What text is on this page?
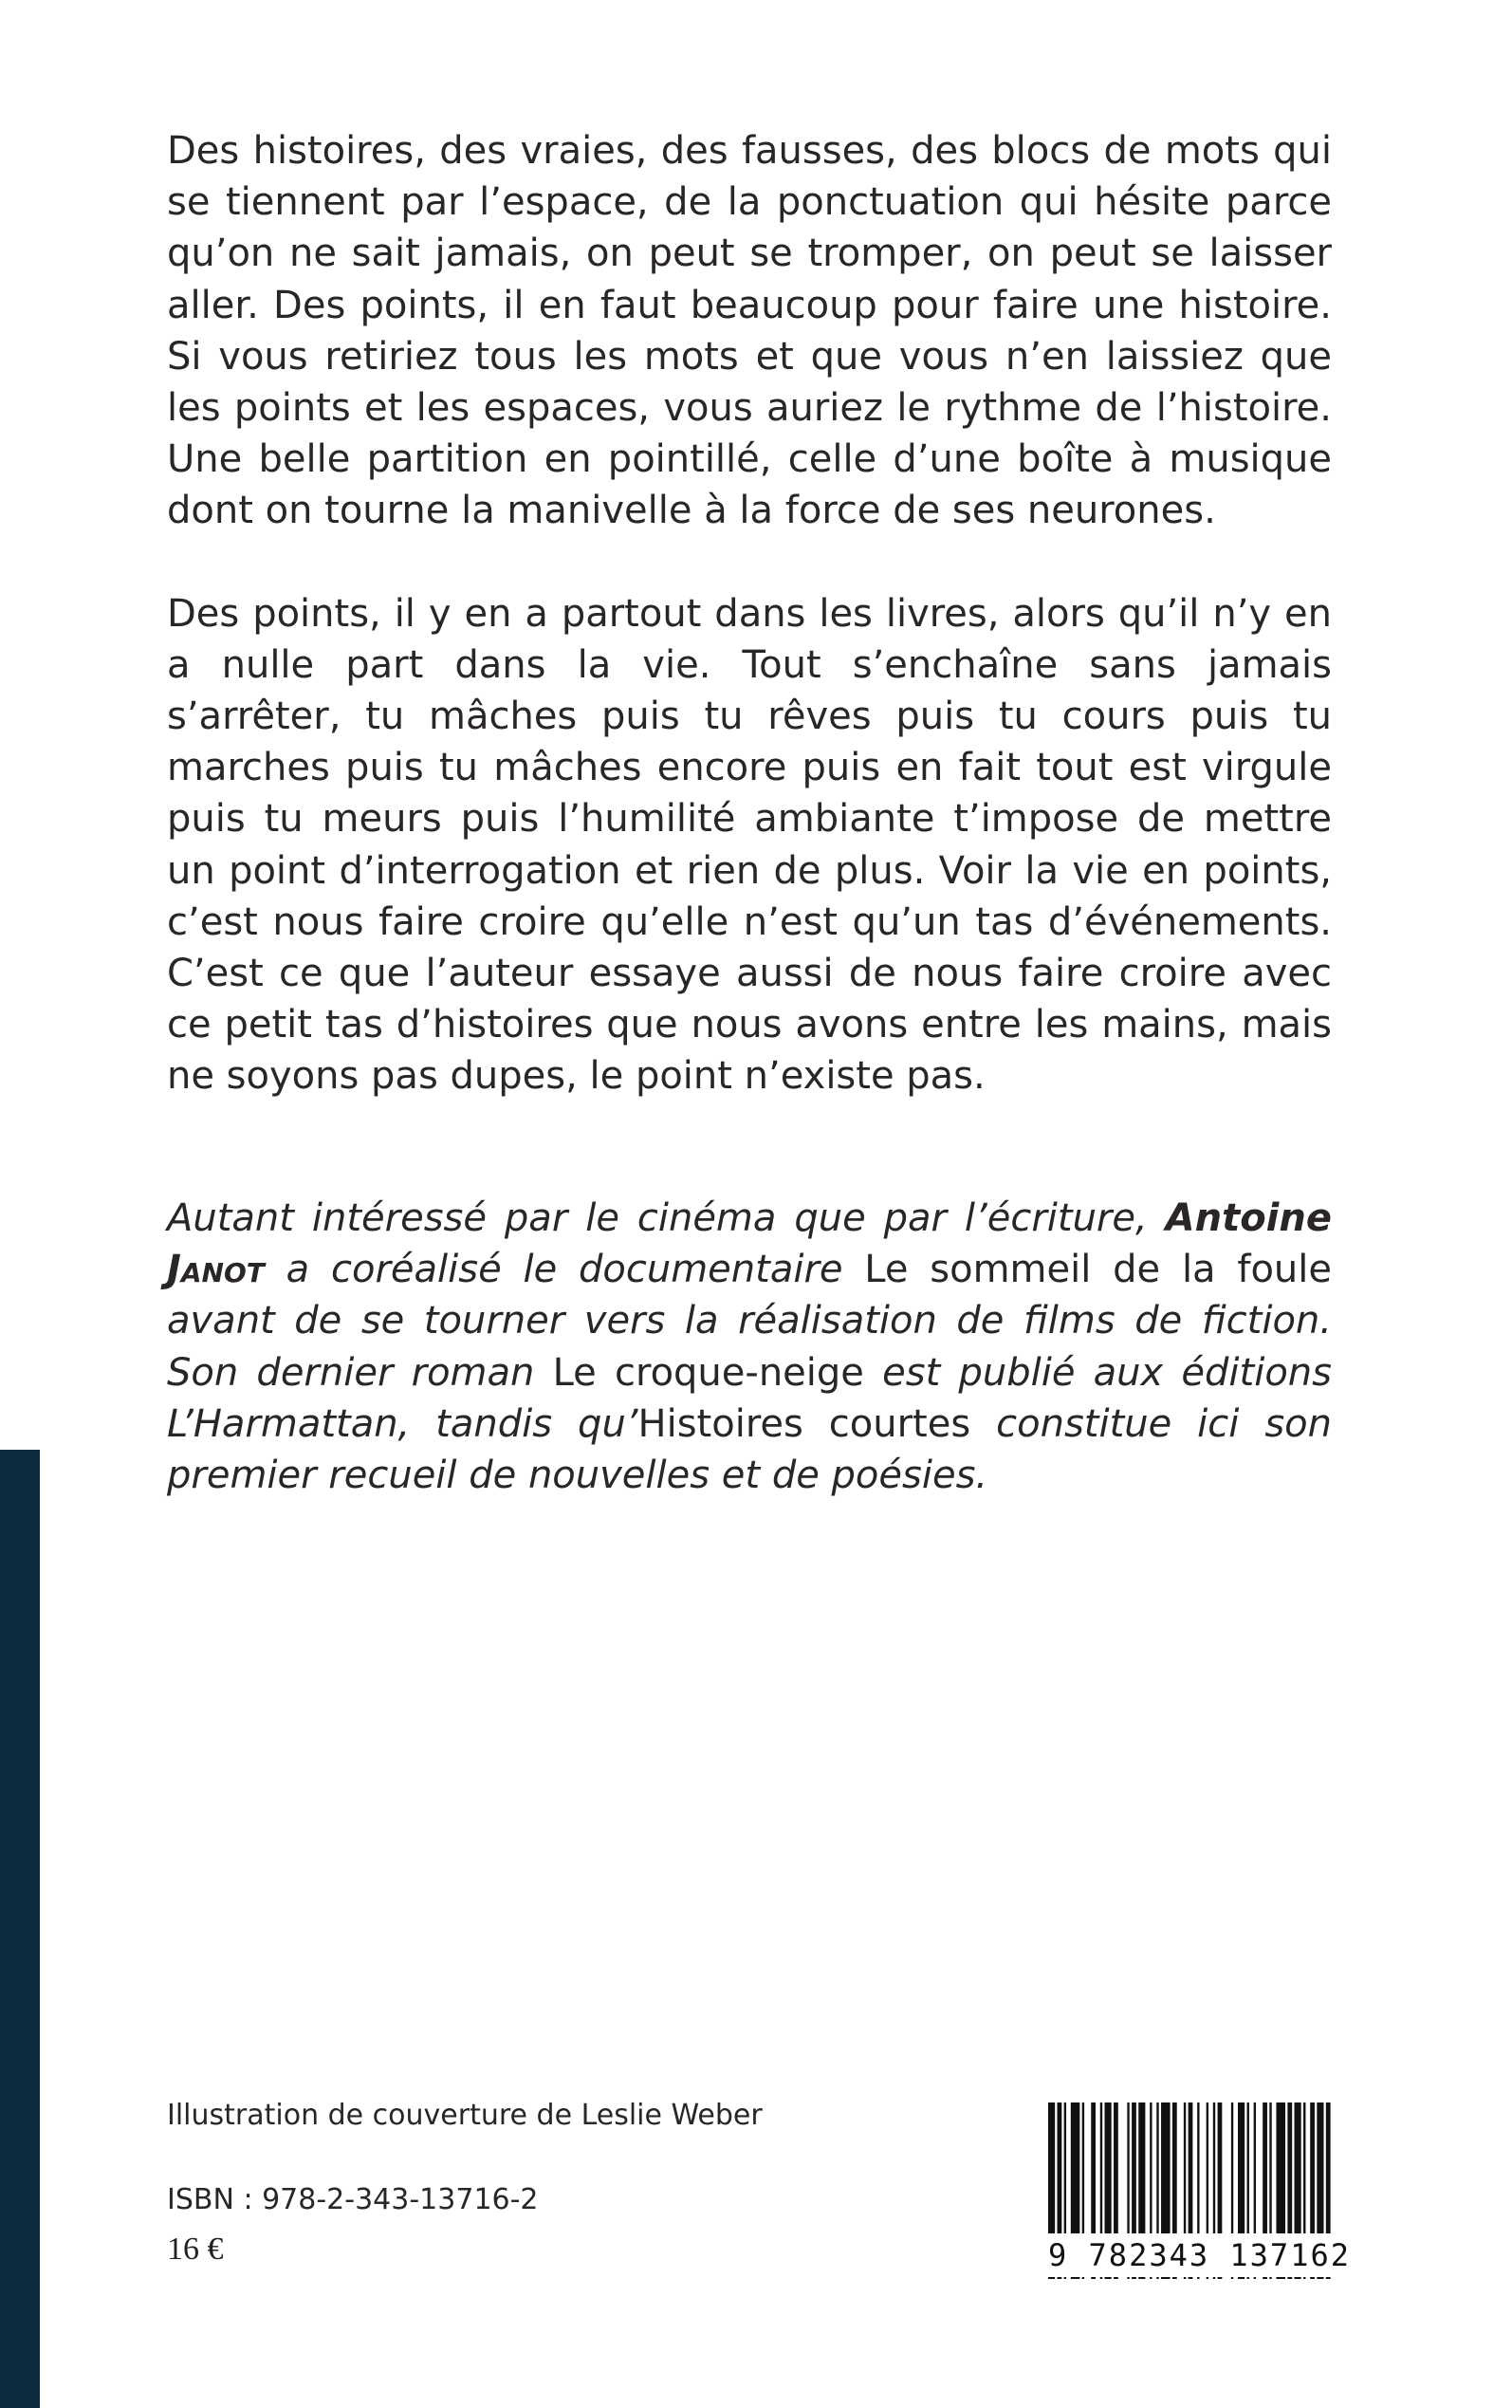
Des histoires, des vraies, des fausses, des blocs de mots qui se tiennent par l’espace, de la ponctuation qui hésite parce qu’on ne sait jamais, on peut se tromper, on peut se laisser aller. Des points, il en faut beaucoup pour faire une histoire. Si vous retiriez tous les mots et que vous n’en laissiez que les points et les espaces, vous auriez le rythme de l’histoire. Une belle partition en pointillé, celle d’une boîte à musique dont on tourne la manivelle à la force de ses neurones.

Des points, il y en a partout dans les livres, alors qu’il n’y en a nulle part dans la vie. Tout s’enchaîne sans jamais s’arrêter, tu mâches puis tu rêves puis tu cours puis tu marches puis tu mâches encore puis en fait tout est virgule puis tu meurs puis l’humilité ambiante t’impose de mettre un point d’interrogation et rien de plus. Voir la vie en points, c’est nous faire croire qu’elle n’est qu’un tas d’événements. C’est ce que l’auteur essaye aussi de nous faire croire avec ce petit tas d’histoires que nous avons entre les mains, mais ne soyons pas dupes, le point n’existe pas.

Autant intéressé par le cinéma que par l’écriture, Antoine Janot a coréalisé le documentaire Le sommeil de la foule avant de se tourner vers la réalisation de films de fiction. Son dernier roman Le croque-neige est publié aux éditions L’Harmattan, tandis qu’Histoires courtes constitue ici son premier recueil de nouvelles et de poésies.
Illustration de couverture de Leslie Weber
ISBN : 978-2-343-13716-2
16 €	9 782343 137162
